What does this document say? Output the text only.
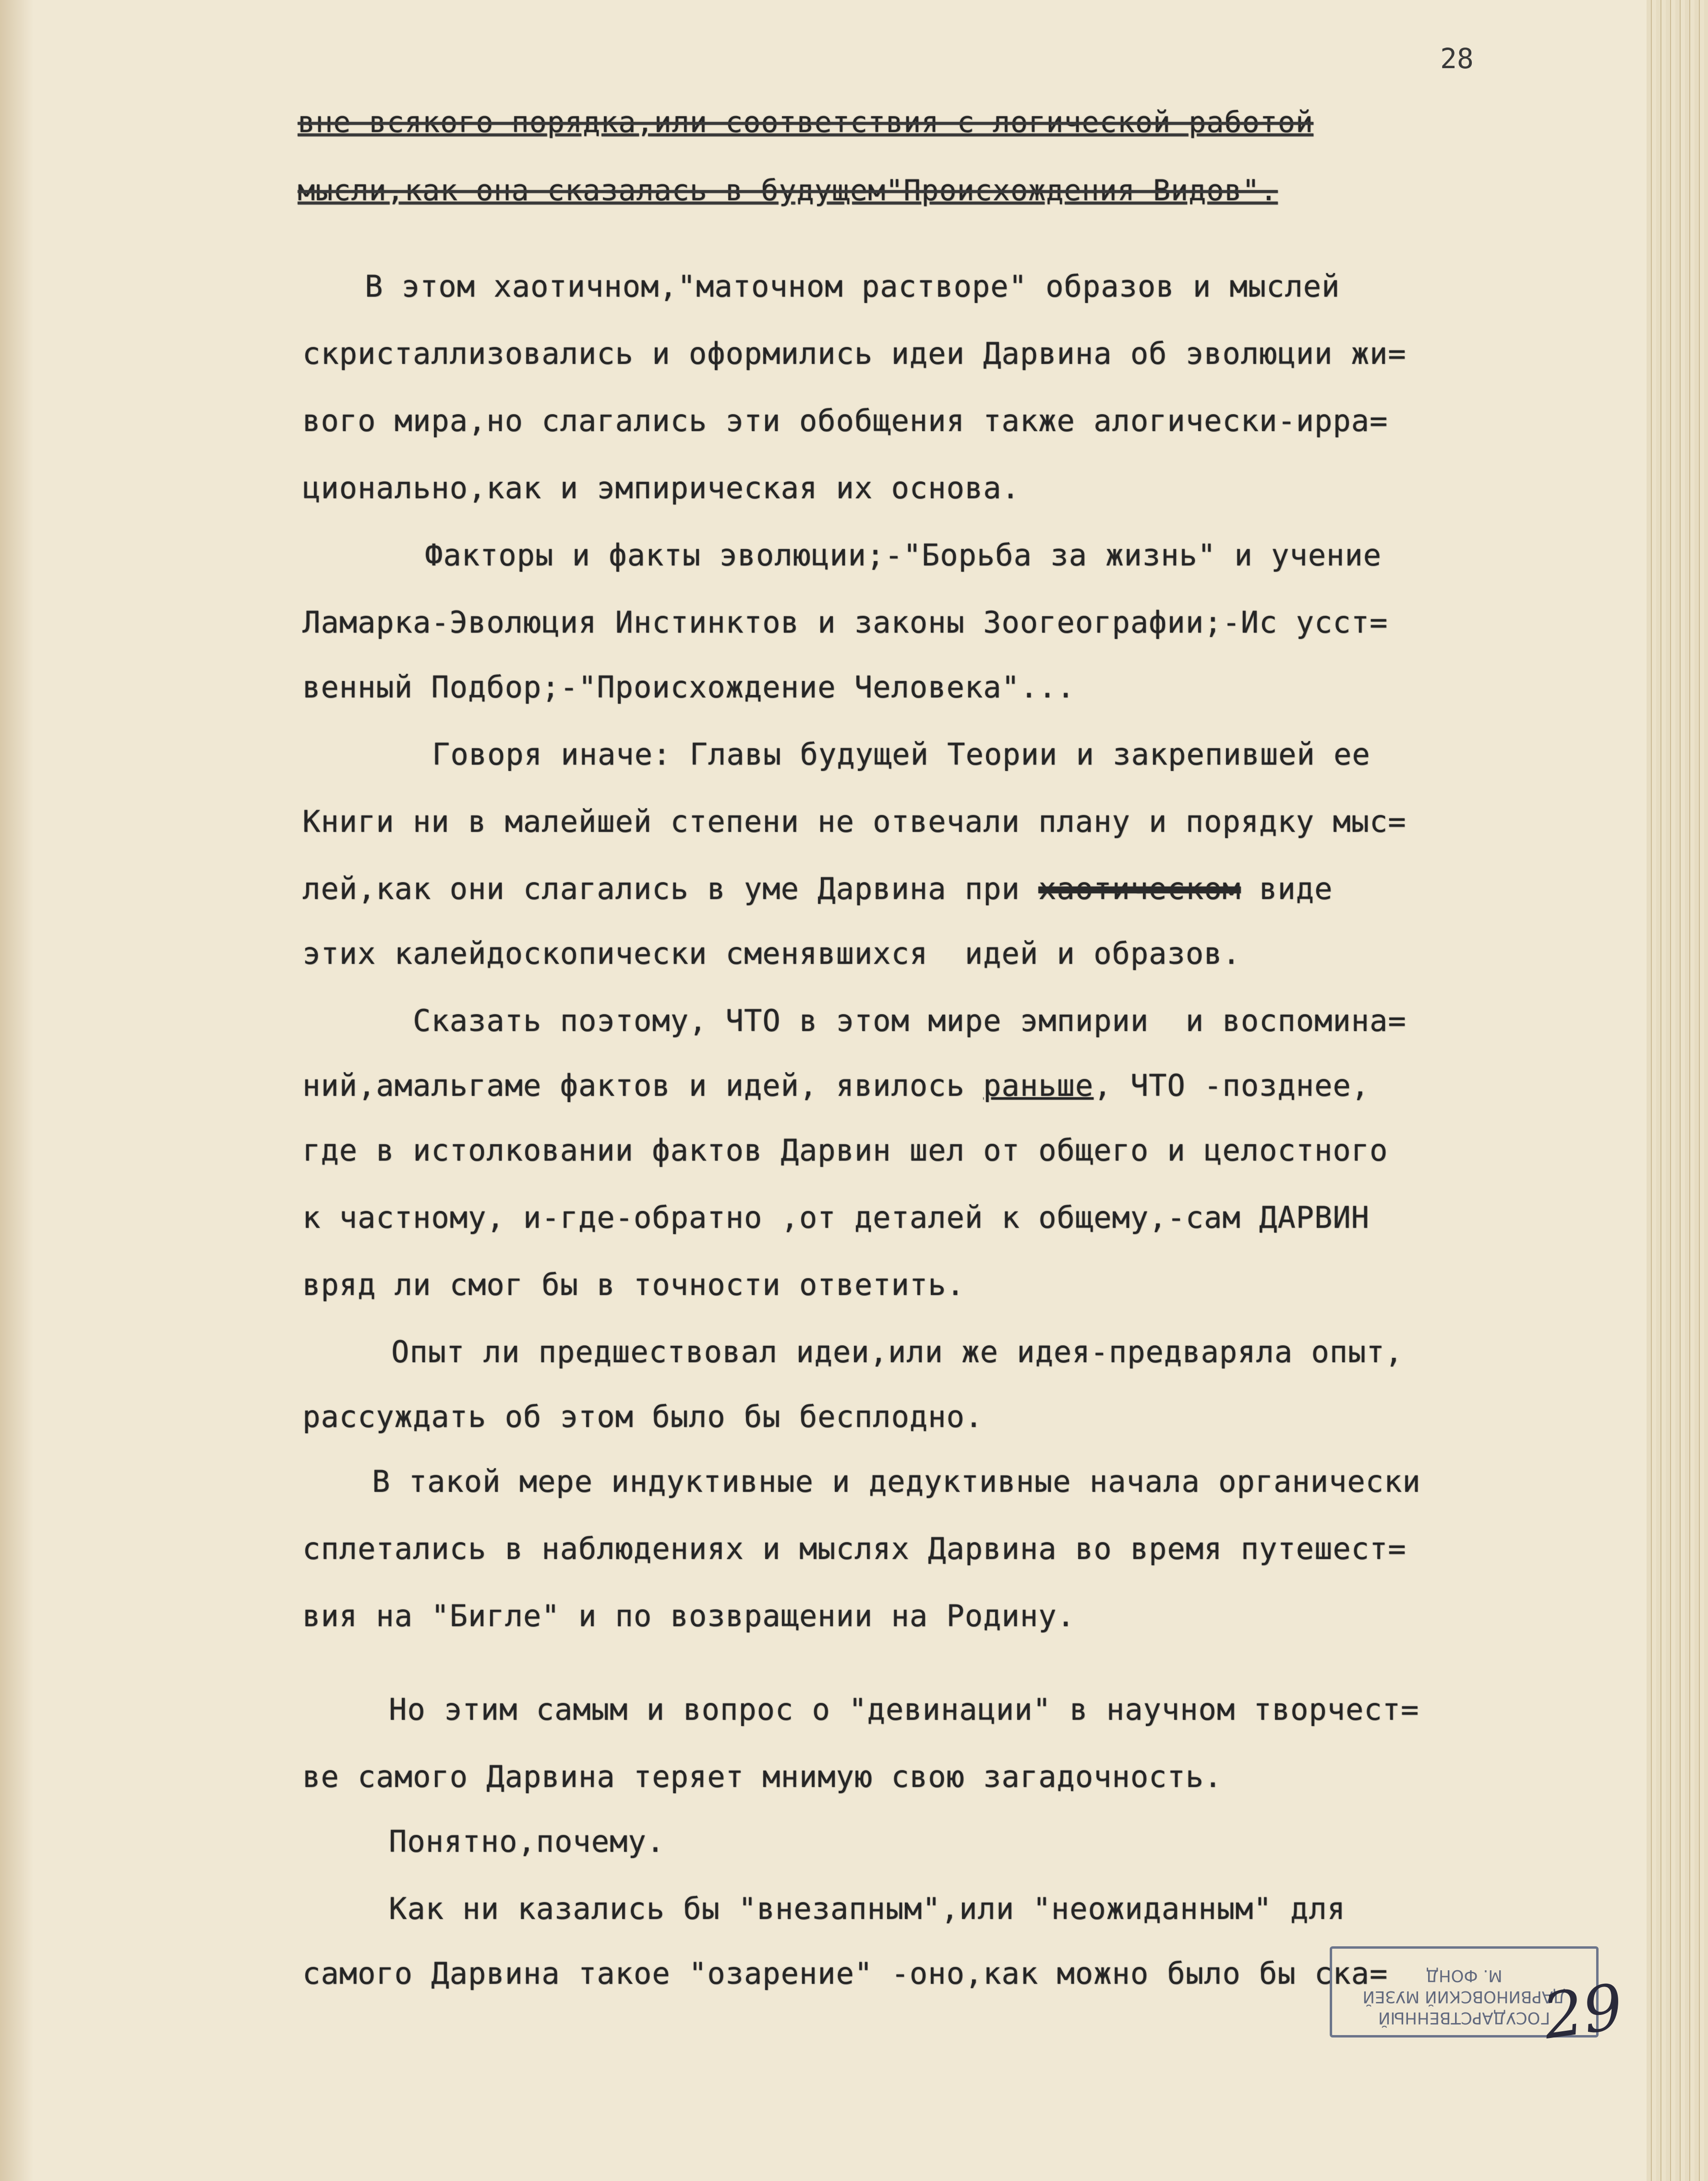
28
вне всякого порядка,или соответствия с логической работой
мысли,как она сказалась в будущем"Происхождения Видов".
В этом хаотичном,"маточном растворе" образов и мыслей
скристаллизовались и оформились идеи Дарвина об эволюции жи=
вого мира,но слагались эти обобщения также алогически-ирра=
ционально,как и эмпирическая их основа.
Факторы и факты эволюции;-"Борьба за жизнь" и учение
Ламарка-Эволюция Инстинктов и законы Зоогеографии;-Ис усст=
венный Подбор;-"Происхождение Человека"...
Говоря иначе: Главы будущей Теории и закрепившей ее
Книги ни в малейшей степени не отвечали плану и порядку мыс=
лей,как они слагались в уме Дарвина при хаотическом виде
этих калейдоскопически сменявшихся  идей и образов.
Сказать поэтому, ЧТО в этом мире эмпирии  и воспомина=
ний,амальгаме фактов и идей, явилось раньше, ЧТО -позднее,
где в истолковании фактов Дарвин шел от общего и целостного
к частному, и-где-обратно ,от деталей к общему,-сам ДАРВИН
вряд ли смог бы в точности ответить.
Опыт ли предшествовал идеи,или же идея-предваряла опыт,
рассуждать об этом было бы бесплодно.
В такой мере индуктивные и дедуктивные начала органически
сплетались в наблюдениях и мыслях Дарвина во время путешест=
вия на "Бигле" и по возвращении на Родину.
Но этим самым и вопрос о "девинации" в научном творчест=
ве самого Дарвина теряет мнимую свою загадочность.
Понятно,почему.
Как ни казались бы "внезапным",или "неожиданным" для
самого Дарвина такое "озарение" -оно,как можно было бы ска=
ГОСУДАРСТВЕННЫЙ
ДАРВИНОВСКИЙ МУЗЕЙ
М. ФОНД 29
